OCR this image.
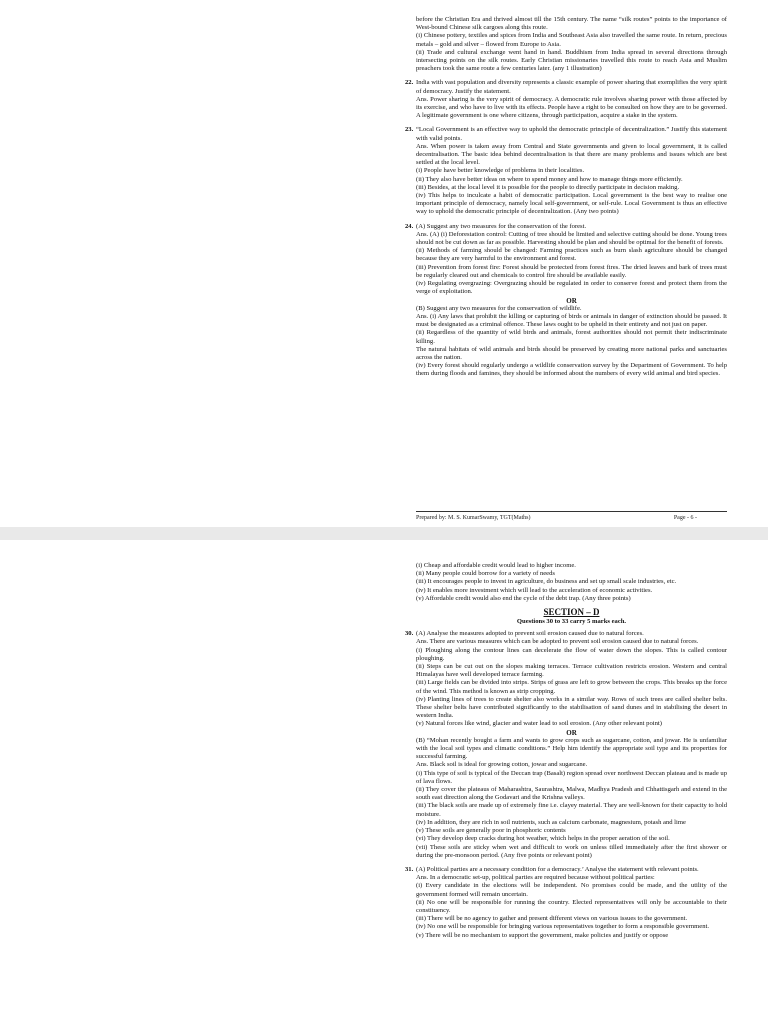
before the Christian Era and thrived almost till the 15th century. The name “silk routes” points to the importance of West-bound Chinese silk cargoes along this route.

(i) Chinese pottery, textiles and spices from India and Southeast Asia also travelled the same route. In return, precious metals – gold and silver – flowed from Europe to Asia.

(ii) Trade and cultural exchange went hand in hand. Buddhism from India spread in several directions through intersecting points on the silk routes. Early Christian missionaries travelled this route to reach Asia and Muslim preachers took the same route a few centuries later. (any 1 illustration)

22. India with vast population and diversity represents a classic example of power sharing that exemplifies the very spirit of democracy. Justify the statement.

Ans. Power sharing is the very spirit of democracy. A democratic rule involves sharing power with those affected by its exercise, and who have to live with its effects. People have a right to be consulted on how they are to be governed. A legitimate government is one where citizens, through participation, acquire a stake in the system.

23. “Local Government is an effective way to uphold the democratic principle of decentralization.” Justify this statement with valid points.

Ans. When power is taken away from Central and State governments and given to local government, it is called decentralisation. The basic idea behind decentralisation is that there are many problems and issues which are best settled at the local level.

(i) People have better knowledge of problems in their localities.

(ii) They also have better ideas on where to spend money and how to manage things more efficiently.

(iii) Besides, at the local level it is possible for the people to directly participate in decision making.

(iv) This helps to inculcate a habit of democratic participation. Local government is the best way to realise one important principle of democracy, namely local self-government, or self-rule. Local Government is thus an effective way to uphold the democratic principle of decentralization. (Any two points)

24. (A) Suggest any two measures for the conservation of the forest.

Ans. (A) (i) Deforestation control: Cutting of tree should be limited and selective cutting should be done. Young trees should not be cut down as far as possible. Harvesting should be plan and should be optimal for the benefit of forests.

(ii) Methods of farming should be changed: Farming practices such as burn slash agriculture should be changed because they are very harmful to the environment and forest.

(iii) Prevention from forest fire: Forest should be protected from forest fires. The dried leaves and bark of trees must be regularly cleared out and chemicals to control fire should be available easily.

(iv) Regulating overgrazing: Overgrazing should be regulated in order to conserve forest and protect them from the verge of exploitation.

OR

(B) Suggest any two measures for the conservation of wildlife.

Ans. (i) Any laws that prohibit the killing or capturing of birds or animals in danger of extinction should be passed. It must be designated as a criminal offence. These laws ought to be upheld in their entirety and not just on paper.

(ii) Regardless of the quantity of wild birds and animals, forest authorities should not permit their indiscriminate killing.

The natural habitats of wild animals and birds should be preserved by creating more national parks and sanctuaries across the nation.

(iv) Every forest should regularly undergo a wildlife conservation survey by the Department of Government. To help them during floods and famines, they should be informed about the numbers of every wild animal and bird species.

Prepared by: M. S. KumarSwamy, TGT(Maths)	Page - 6 -

(i) Cheap and affordable credit would lead to higher income.

(ii) Many people could borrow for a variety of needs

(iii) It encourages people to invest in agriculture, do business and set up small scale industries, etc.

(iv) It enables more investment which will lead to the acceleration of economic activities.

(v) Affordable credit would also end the cycle of the debt trap. (Any three points)

SECTION – D

Questions 30 to 33 carry 5 marks each.

30. (A) Analyse the measures adopted to prevent soil erosion caused due to natural forces.

Ans. There are various measures which can be adopted to prevent soil erosion caused due to natural forces.

(i) Ploughing along the contour lines can decelerate the flow of water down the slopes. This is called contour ploughing.

(ii) Steps can be cut out on the slopes making terraces. Terrace cultivation restricts erosion. Western and central Himalayas have well developed terrace farming.

(iii) Large fields can be divided into strips. Strips of grass are left to grow between the crops. This breaks up the force of the wind. This method is known as strip cropping.

(iv) Planting lines of trees to create shelter also works in a similar way. Rows of such trees are called shelter belts. These shelter belts have contributed significantly to the stabilisation of sand dunes and in stabilising the desert in western India.

(v) Natural forces like wind, glacier and water lead to soil erosion. (Any other relevant point)

OR

(B) “Mohan recently bought a farm and wants to grow crops such as sugarcane, cotton, and jowar. He is unfamiliar with the local soil types and climatic conditions.” Help him identify the appropriate soil type and its properties for successful farming.

Ans. Black soil is ideal for growing cotton, jowar and sugarcane.

(i) This type of soil is typical of the Deccan trap (Basalt) region spread over northwest Deccan plateau and is made up of lava flows.

(ii) They cover the plateaus of Maharashtra, Saurashtra, Malwa, Madhya Pradesh and Chhattisgarh and extend in the south east direction along the Godavari and the Krishna valleys.

(iii) The black soils are made up of extremely fine i.e. clayey material. They are well-known for their capacity to hold moisture.

(iv) In addition, they are rich in soil nutrients, such as calcium carbonate, magnesium, potash and lime

(v) These soils are generally poor in phosphoric contents

(vi) They develop deep cracks during hot weather, which helps in the proper aeration of the soil.

(vii) These soils are sticky when wet and difficult to work on unless tilled immediately after the first shower or during the pre-monsoon period. (Any five points or relevant point)

31. (A) Political parties are a necessary condition for a democracy.’ Analyse the statement with relevant points.

Ans. In a democratic set-up, political parties are required because without political parties:

(i) Every candidate in the elections will be independent. No promises could be made, and the utility of the government formed will remain uncertain.

(ii) No one will be responsible for running the country. Elected representatives will only be accountable to their constituency.

(iii) There will be no agency to gather and present different views on various issues to the government.

(iv) No one will be responsible for bringing various representatives together to form a responsible government.

(v) There will be no mechanism to support the government, make policies and justify or oppose
